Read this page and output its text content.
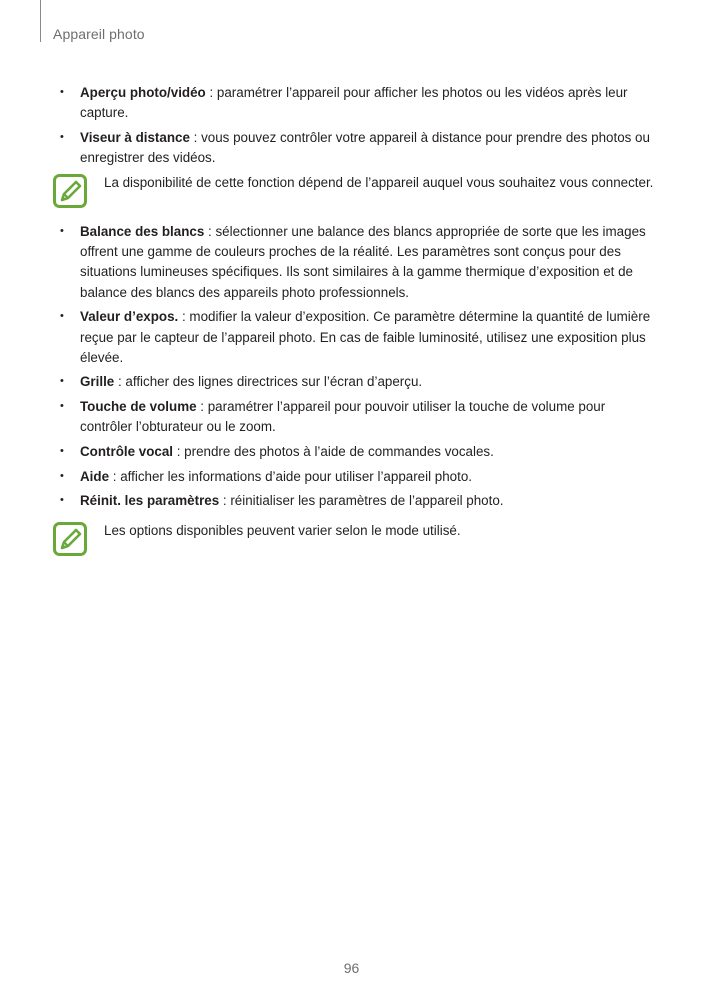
Appareil photo
• Aperçu photo/vidéo : paramétrer l’appareil pour afficher les photos ou les vidéos après leur capture.
• Viseur à distance : vous pouvez contrôler votre appareil à distance pour prendre des photos ou enregistrer des vidéos.
La disponibilité de cette fonction dépend de l’appareil auquel vous souhaitez vous connecter.
• Balance des blancs : sélectionner une balance des blancs appropriée de sorte que les images offrent une gamme de couleurs proches de la réalité. Les paramètres sont conçus pour des situations lumineuses spécifiques. Ils sont similaires à la gamme thermique d’exposition et de balance des blancs des appareils photo professionnels.
• Valeur d’expos. : modifier la valeur d’exposition. Ce paramètre détermine la quantité de lumière reçue par le capteur de l’appareil photo. En cas de faible luminosité, utilisez une exposition plus élevée.
• Grille : afficher des lignes directrices sur l’écran d’aperçu.
• Touche de volume : paramétrer l’appareil pour pouvoir utiliser la touche de volume pour contrôler l’obturateur ou le zoom.
• Contrôle vocal : prendre des photos à l’aide de commandes vocales.
• Aide : afficher les informations d’aide pour utiliser l’appareil photo.
• Réinit. les paramètres : réinitialiser les paramètres de l’appareil photo.
Les options disponibles peuvent varier selon le mode utilisé.
96
